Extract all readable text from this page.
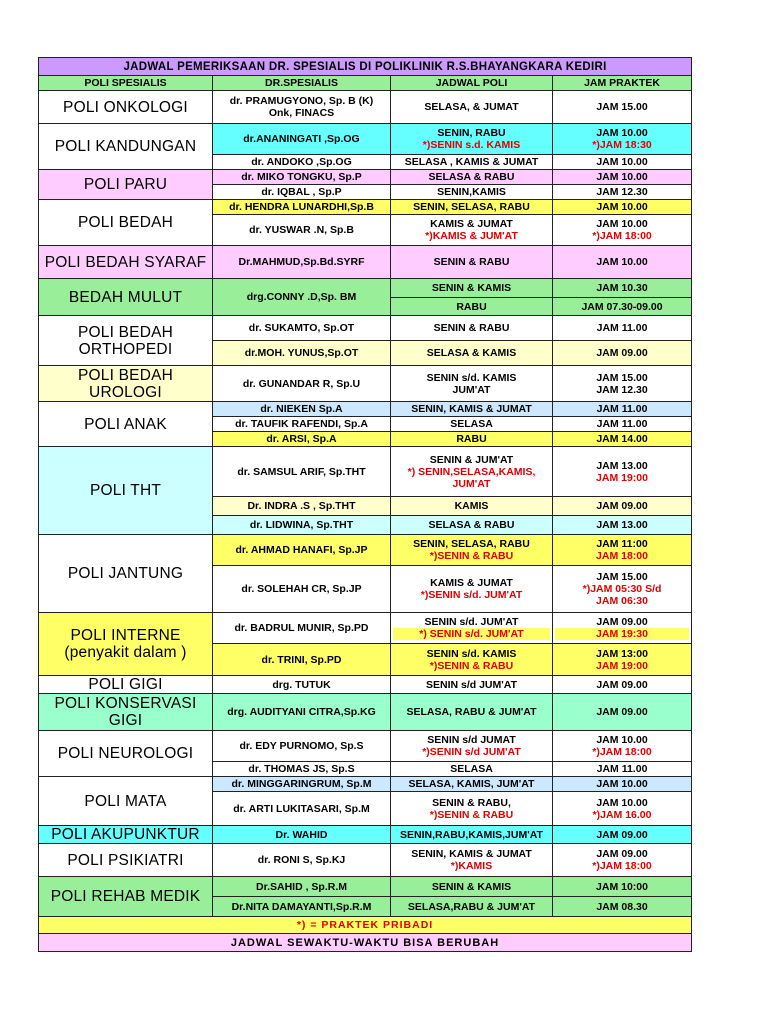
JADWAL PEMERIKSAAN DR. SPESIALIS DI POLIKLINIK R.S.BHAYANGKARA KEDIRI			
POLI SPESIALIS	DR.SPESIALIS	JADWAL POLI	JAM PRAKTEK

POLI ONKOLOGI	dr. PRAMUGYONO, Sp. B (K)
Onk, FINACS	SELASA, & JUMAT	JAM 15.00

POLI KANDUNGAN	dr.ANANINGATI ,Sp.OG	SENIN, RABU
*)SENIN s.d. KAMIS	JAM 10.00
*)JAM 18:30

	dr. ANDOKO ,Sp.OG	SELASA , KAMIS & JUMAT	JAM 10.00

POLI PARU	dr. MIKO TONGKU, Sp.P	SELASA & RABU	JAM 10.00

	dr. IQBAL , Sp.P	SENIN,KAMIS	JAM 12.30

POLI BEDAH	dr. HENDRA LUNARDHI,Sp.B	SENIN, SELASA, RABU	JAM 10.00

	dr. YUSWAR .N, Sp.B	KAMIS & JUMAT
*)KAMIS & JUM'AT	JAM 10.00
*)JAM 18:00

POLI BEDAH SYARAF	Dr.MAHMUD,Sp.Bd.SYRF	SENIN & RABU	JAM 10.00

BEDAH MULUT	drg.CONNY .D,Sp. BM	SENIN & KAMIS	JAM 10.30

		RABU	JAM 07.30-09.00

POLI BEDAH
ORTHOPEDI	dr. SUKAMTO, Sp.OT	SENIN & RABU	JAM 11.00

	dr.MOH. YUNUS,Sp.OT	SELASA & KAMIS	JAM 09.00

POLI BEDAH
UROLOGI	dr. GUNANDAR R, Sp.U	SENIN s/d. KAMIS
JUM'AT	JAM 15.00
JAM 12.30

POLI ANAK	dr. NIEKEN Sp.A	SENIN, KAMIS & JUMAT	JAM 11.00

	dr. TAUFIK RAFENDI, Sp.A	SELASA	JAM 11.00

	dr. ARSI, Sp.A	RABU	JAM 14.00

POLI THT	dr. SAMSUL ARIF, Sp.THT	SENIN & JUM'AT
*) SENIN,SELASA,KAMIS,
JUM'AT	JAM 13.00
JAM 19:00

	Dr. INDRA .S , Sp.THT	KAMIS	JAM 09.00

	dr. LIDWINA, Sp.THT	SELASA & RABU	JAM 13.00

POLI JANTUNG	dr. AHMAD HANAFI, Sp.JP	SENIN, SELASA, RABU
*)SENIN & RABU	JAM 11:00
JAM 18:00

	dr. SOLEHAH CR, Sp.JP	KAMIS & JUMAT
*)SENIN s/d. JUM'AT	JAM 15.00
*)JAM 05:30 S/d
JAM 06:30

POLI INTERNE
(penyakit dalam )	dr. BADRUL MUNIR, Sp.PD	SENIN s/d. JUM'AT
*) SENIN s/d. JUM'AT	JAM 09.00
JAM 19:30

	dr. TRINI, Sp.PD	SENIN s/d. KAMIS
*)SENIN & RABU	JAM 13:00
JAM 19:00

POLI GIGI	drg. TUTUK	SENIN s/d JUM'AT	JAM 09.00

POLI KONSERVASI
GIGI	drg. AUDITYANI CITRA,Sp.KG	SELASA, RABU & JUM'AT	JAM 09.00

POLI NEUROLOGI	dr. EDY PURNOMO, Sp.S	SENIN s/d JUMAT
*)SENIN s/d JUM'AT	JAM 10.00
*)JAM 18:00

	dr. THOMAS JS, Sp.S	SELASA	JAM 11.00

POLI MATA	dr. MINGGARINGRUM, Sp.M	SELASA, KAMIS, JUM'AT	JAM 10.00

	dr. ARTI LUKITASARI, Sp.M	SENIN & RABU,
*)SENIN & RABU	JAM 10.00
*)JAM 16.00

POLI AKUPUNKTUR	Dr. WAHID	SENIN,RABU,KAMIS,JUM'AT	JAM 09.00

POLI PSIKIATRI	dr. RONI S, Sp.KJ	SENIN, KAMIS & JUMAT
*)KAMIS	JAM 09.00
*)JAM 18:00

POLI REHAB MEDIK	Dr.SAHID , Sp.R.M	SENIN & KAMIS	JAM 10:00

	Dr.NITA DAMAYANTI,Sp.R.M	SELASA,RABU & JUM'AT	JAM 08.30

*) = PRAKTEK PRIBADI			
JADWAL SEWAKTU-WAKTU BISA BERUBAH			
